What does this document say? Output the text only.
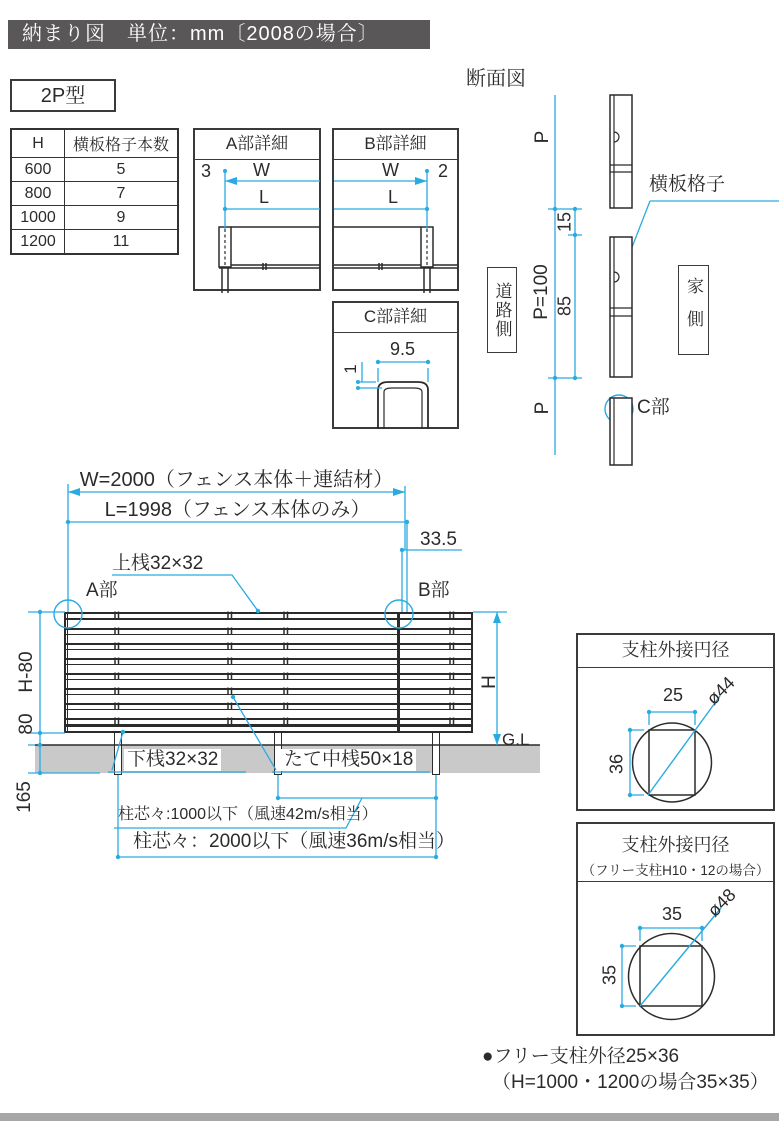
納まり図　単位：mm〔2008の場合〕
2P型
H	横板格子本数
600	5
800	7
1000	9
1200	11
A部詳細
3 W
L
B部詳細
W
L
2
C部詳細
9.5
1
断面図
P
15
P=100 85
P
横板格子
C部
道路側	家側
W=2000（フェンス本体＋連結材）
L=1998（フェンス本体のみ）
33.5
上桟32×32
A部	B部
H-80
80
165
H
G.L
下桟32×32	たて中桟50×18
柱芯々:1000以下（風速42m/s相当）
柱芯々：2000以下（風速36m/s相当）
支柱外接円径
25
36
ø44
支柱外接円径
（フリー支柱H10・12の場合）
35
35
ø48
●フリー支柱外径25×36
（H=1000・1200の場合35×35）
